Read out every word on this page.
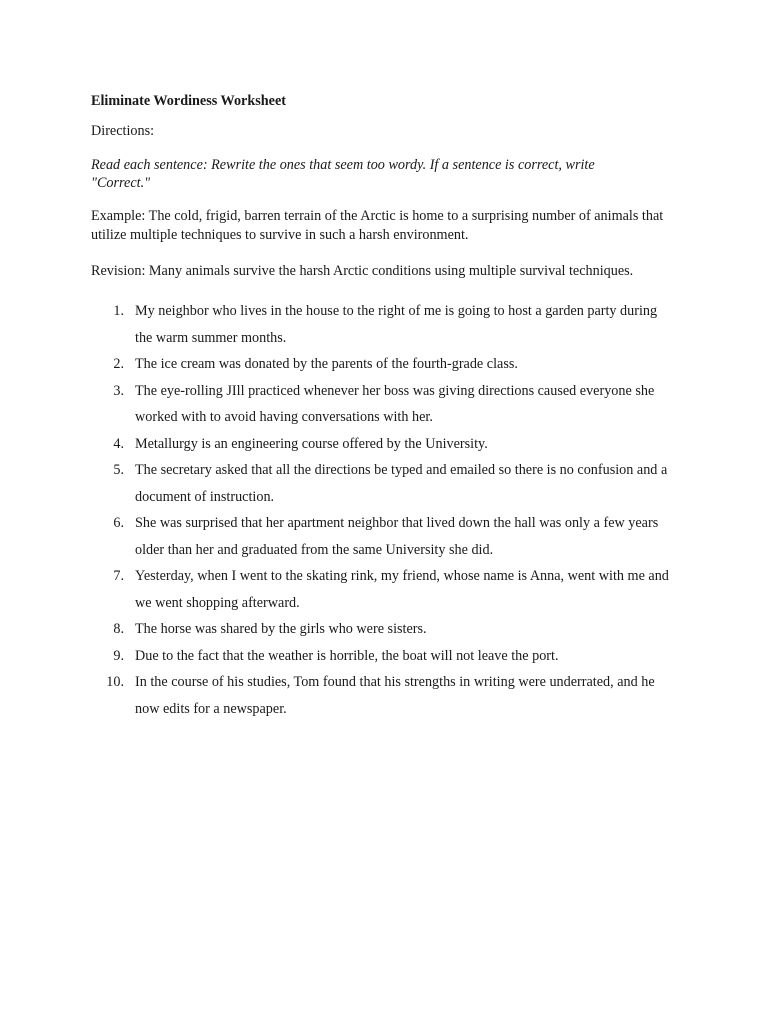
Eliminate Wordiness Worksheet
Directions:
Read each sentence: Rewrite the ones that seem too wordy. If a sentence is correct, write "Correct."
Example: The cold, frigid, barren terrain of the Arctic is home to a surprising number of animals that utilize multiple techniques to survive in such a harsh environment.
Revision: Many animals survive the harsh Arctic conditions using multiple survival techniques.
1. My neighbor who lives in the house to the right of me is going to host a garden party during the warm summer months.
2. The ice cream was donated by the parents of the fourth-grade class.
3. The eye-rolling JIll practiced whenever her boss was giving directions caused everyone she worked with to avoid having conversations with her.
4. Metallurgy is an engineering course offered by the University.
5. The secretary asked that all the directions be typed and emailed so there is no confusion and a document of instruction.
6. She was surprised that her apartment neighbor that lived down the hall was only a few years older than her and graduated from the same University she did.
7. Yesterday, when I went to the skating rink, my friend, whose name is Anna, went with me and we went shopping afterward.
8. The horse was shared by the girls who were sisters.
9. Due to the fact that the weather is horrible, the boat will not leave the port.
10. In the course of his studies, Tom found that his strengths in writing were underrated, and he now edits for a newspaper.
